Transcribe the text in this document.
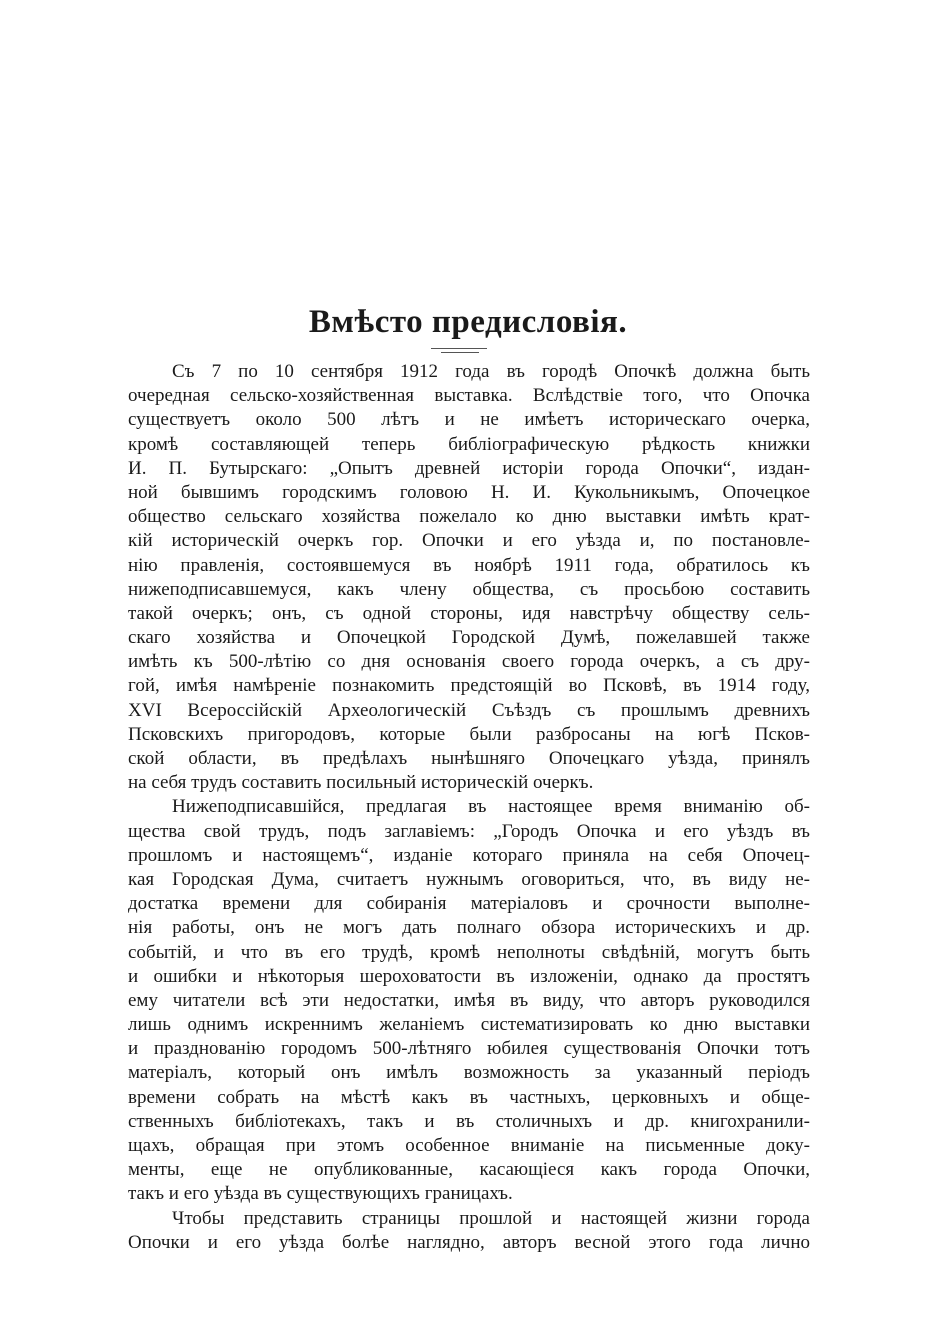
Вмѣсто предисловія.
Съ 7 по 10 сентября 1912 года въ городѣ Опочкѣ должна быть
очередная сельско-хозяйственная выставка. Вслѣдствіе того, что Опочка
существуетъ около 500 лѣтъ и не имѣетъ историческаго очерка,
кромѣ составляющей теперь библіографическую рѣдкость книжки
И. П. Бутырскаго: „Опытъ древней исторіи города Опочки“, издан-
ной бывшимъ городскимъ головою Н. И. Кукольникымъ, Опочецкое
общество сельскаго хозяйства пожелало ко дню выставки имѣть крат-
кій историческій очеркъ гор. Опочки и его уѣзда и, по постановле-
нію правленія, состоявшемуся въ ноябрѣ 1911 года, обратилось къ
нижеподписавшемуся, какъ члену общества, съ просьбою составить
такой очеркъ; онъ, съ одной стороны, идя навстрѣчу обществу сель-
скаго хозяйства и Опочецкой Городской Думѣ, пожелавшей также
имѣть къ 500-лѣтію со дня основанія своего города очеркъ, а съ дру-
гой, имѣя намѣреніе познакомить предстоящій во Псковѣ, въ 1914 году,
XVI Всероссійскій Археологическій Съѣздъ съ прошлымъ древнихъ
Псковскихъ пригородовъ, которые были разбросаны на югѣ Псков-
ской области, въ предѣлахъ нынѣшняго Опочецкаго уѣзда, принялъ
на себя трудъ составить посильный историческій очеркъ.
Нижеподписавшійся, предлагая въ настоящее время вниманію об-
щества свой трудъ, подъ заглавіемъ: „Городъ Опочка и его уѣздъ въ
прошломъ и настоящемъ“, изданіе котораго приняла на себя Опочец-
кая Городская Дума, считаетъ нужнымъ оговориться, что, въ виду не-
достатка времени для собиранія матеріаловъ и срочности выполне-
нія работы, онъ не могъ дать полнаго обзора историческихъ и др.
событій, и что въ его трудѣ, кромѣ неполноты свѣдѣній, могутъ быть
и ошибки и нѣкоторыя шероховатости въ изложеніи, однако да простятъ
ему читатели всѣ эти недостатки, имѣя въ виду, что авторъ руководился
лишь однимъ искреннимъ желаніемъ систематизировать ко дню выставки
и празднованію городомъ 500-лѣтняго юбилея существованія Опочки тотъ
матеріалъ, который онъ имѣлъ возможность за указанный періодъ
времени собрать на мѣстѣ какъ въ частныхъ, церковныхъ и обще-
ственныхъ библіотекахъ, такъ и въ столичныхъ и др. книгохранили-
щахъ, обращая при этомъ особенное вниманіе на письменные доку-
менты, еще не опубликованные, касающіеся какъ города Опочки,
такъ и его уѣзда въ существующихъ границахъ.
Чтобы представить страницы прошлой и настоящей жизни города
Опочки и его уѣзда болѣе наглядно, авторъ весной этого года лично
